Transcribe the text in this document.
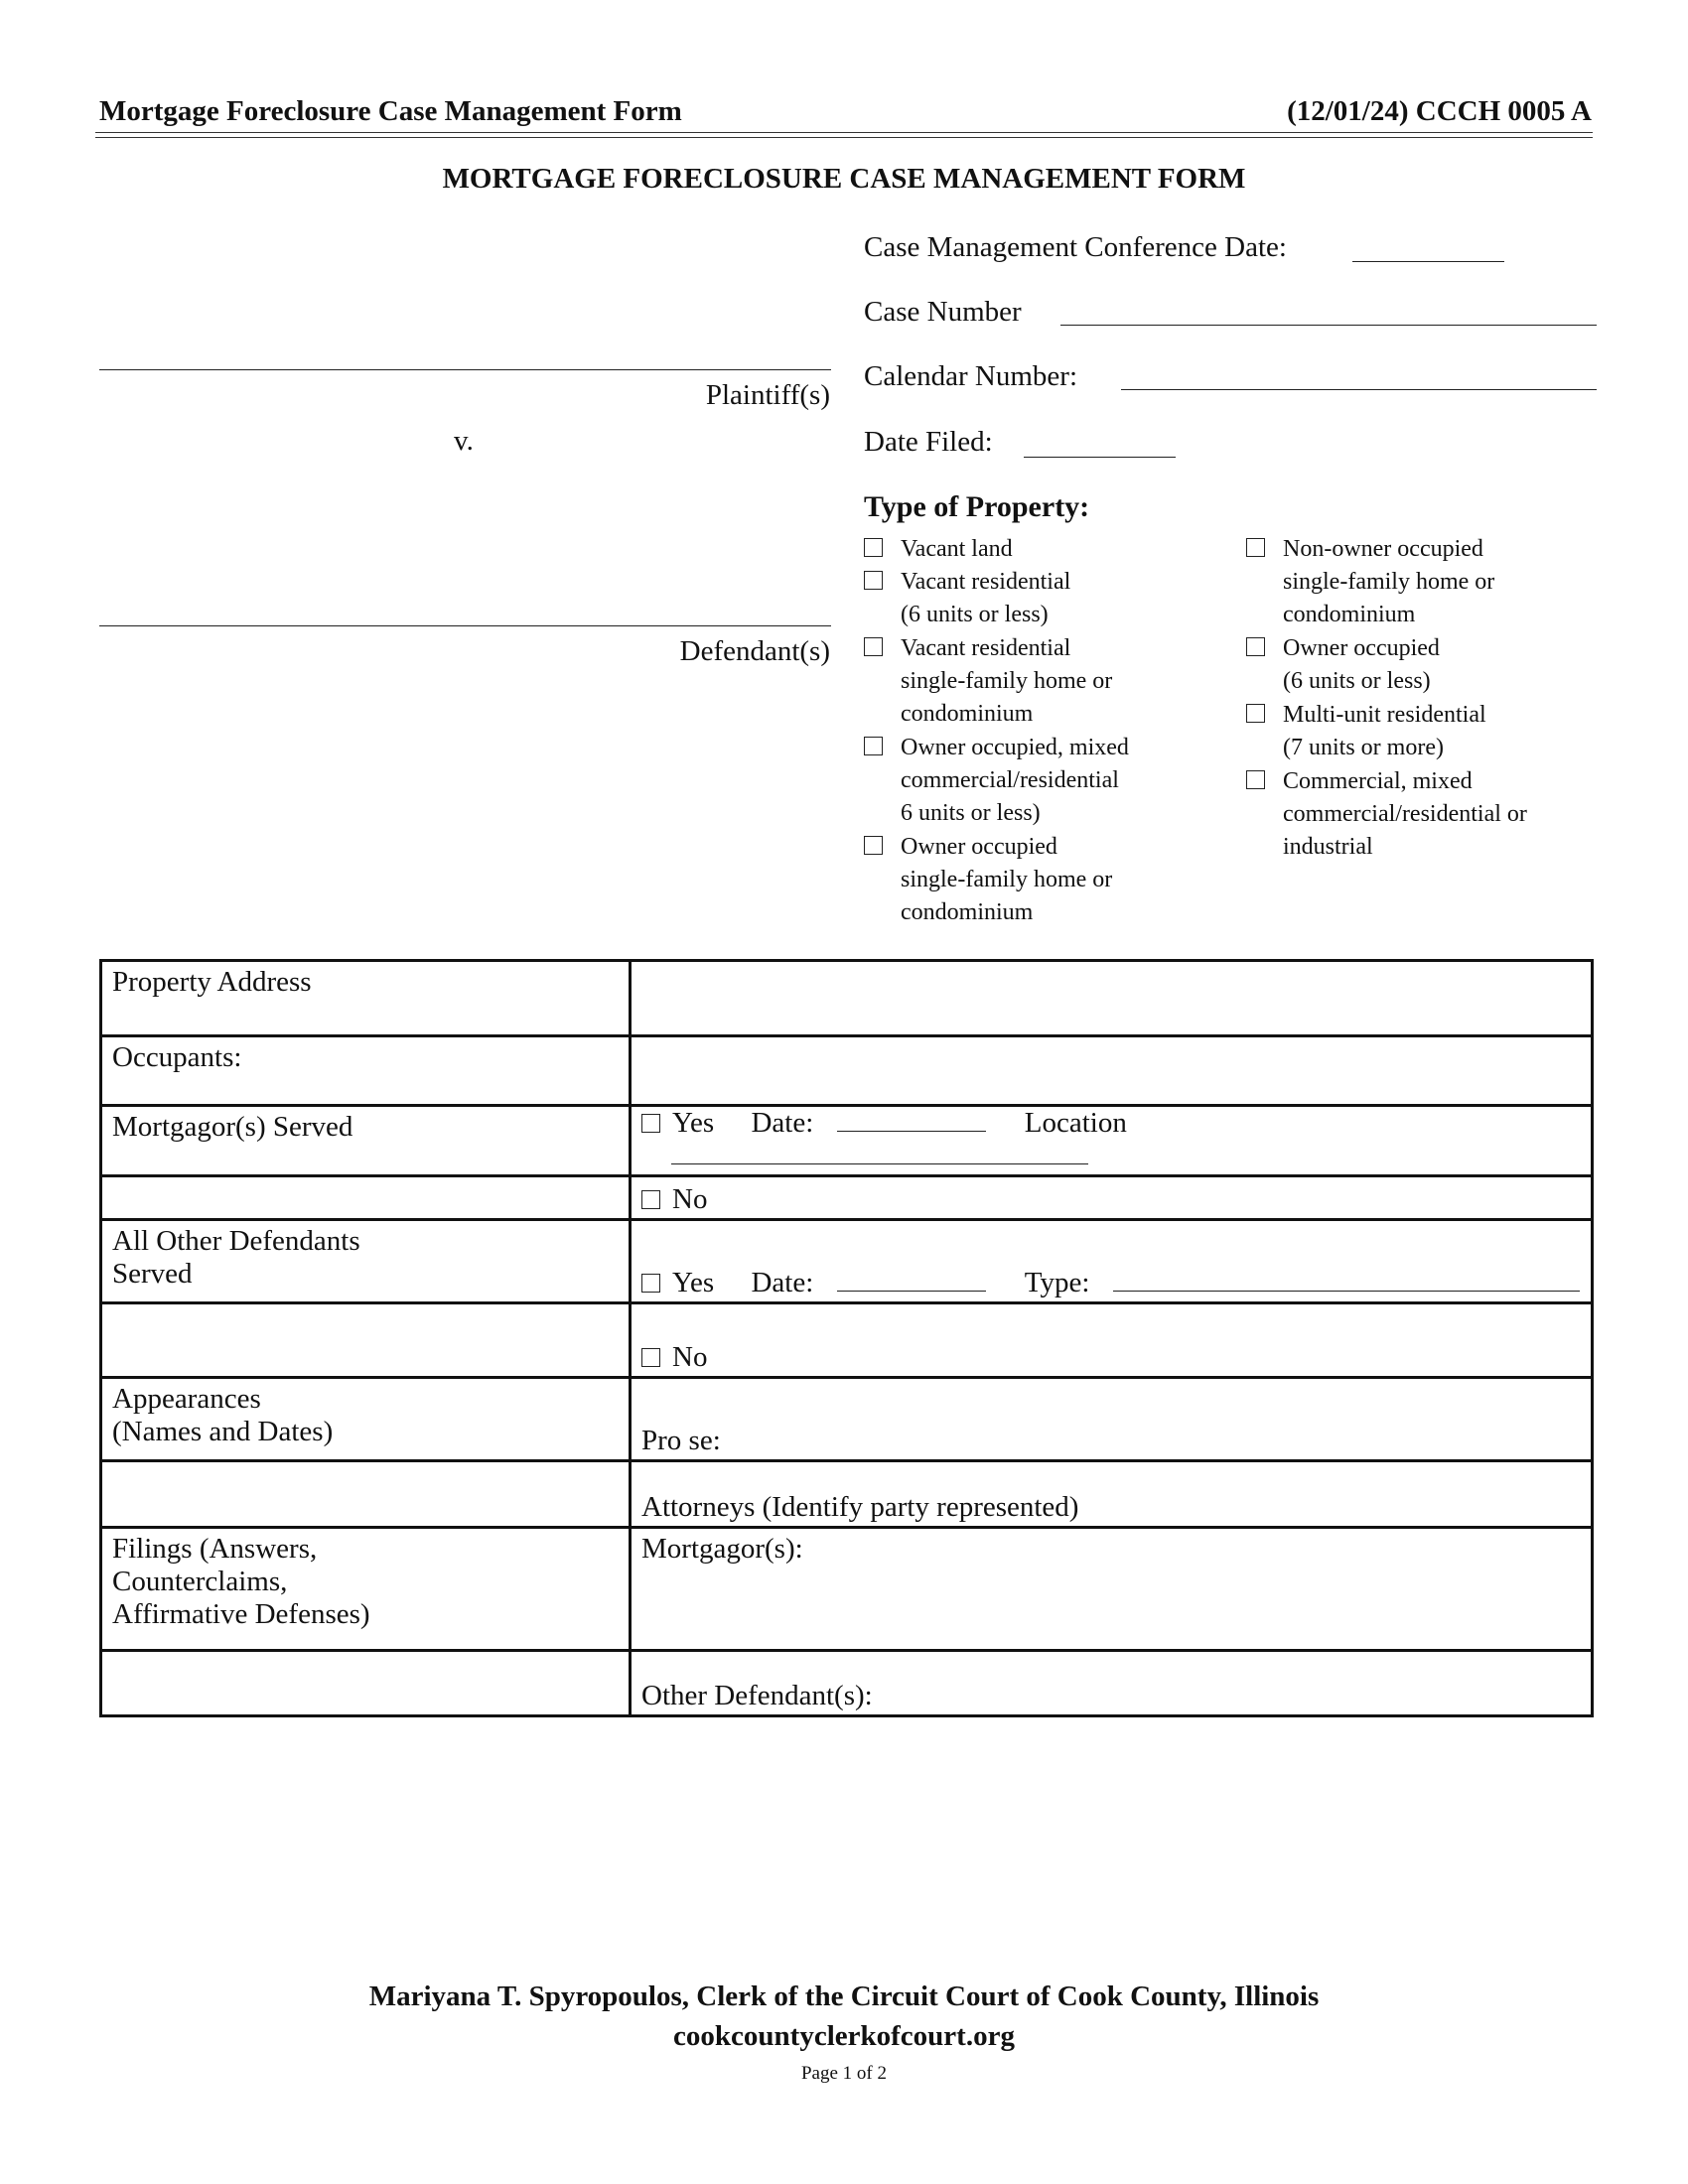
Mortgage Foreclosure Case Management Form	(12/01/24) CCCH 0005 A
MORTGAGE FORECLOSURE CASE MANAGEMENT FORM
Plaintiff(s)
v.
Defendant(s)
Case Management Conference Date:
Case Number
Calendar Number:
Date Filed:
Type of Property:
Vacant land
Vacant residential
(6 units or less)
Vacant residential
single-family home or
condominium
Owner occupied, mixed
commercial/residential
6 units or less)
Owner occupied
single-family home or
condominium
Non-owner occupied
single-family home or
condominium
Owner occupied
(6 units or less)
Multi-unit residential
(7 units or more)
Commercial, mixed
commercial/residential or
industrial
Property Address	
Occupants:	
Mortgagor(s) Served	Yes Date: Location
	No

All Other Defendants
Served	Yes Date: Type:
	No

Appearances
(Names and Dates)	Pro se:
	Attorneys (Identify party represented)

Filings (Answers,
Counterclaims,
Affirmative Defenses)	Mortgagor(s):
	Other Defendant(s):
Mariyana T. Spyropoulos, Clerk of the Circuit Court of Cook County, Illinois
cookcountyclerkofcourt.org
Page 1 of 2
